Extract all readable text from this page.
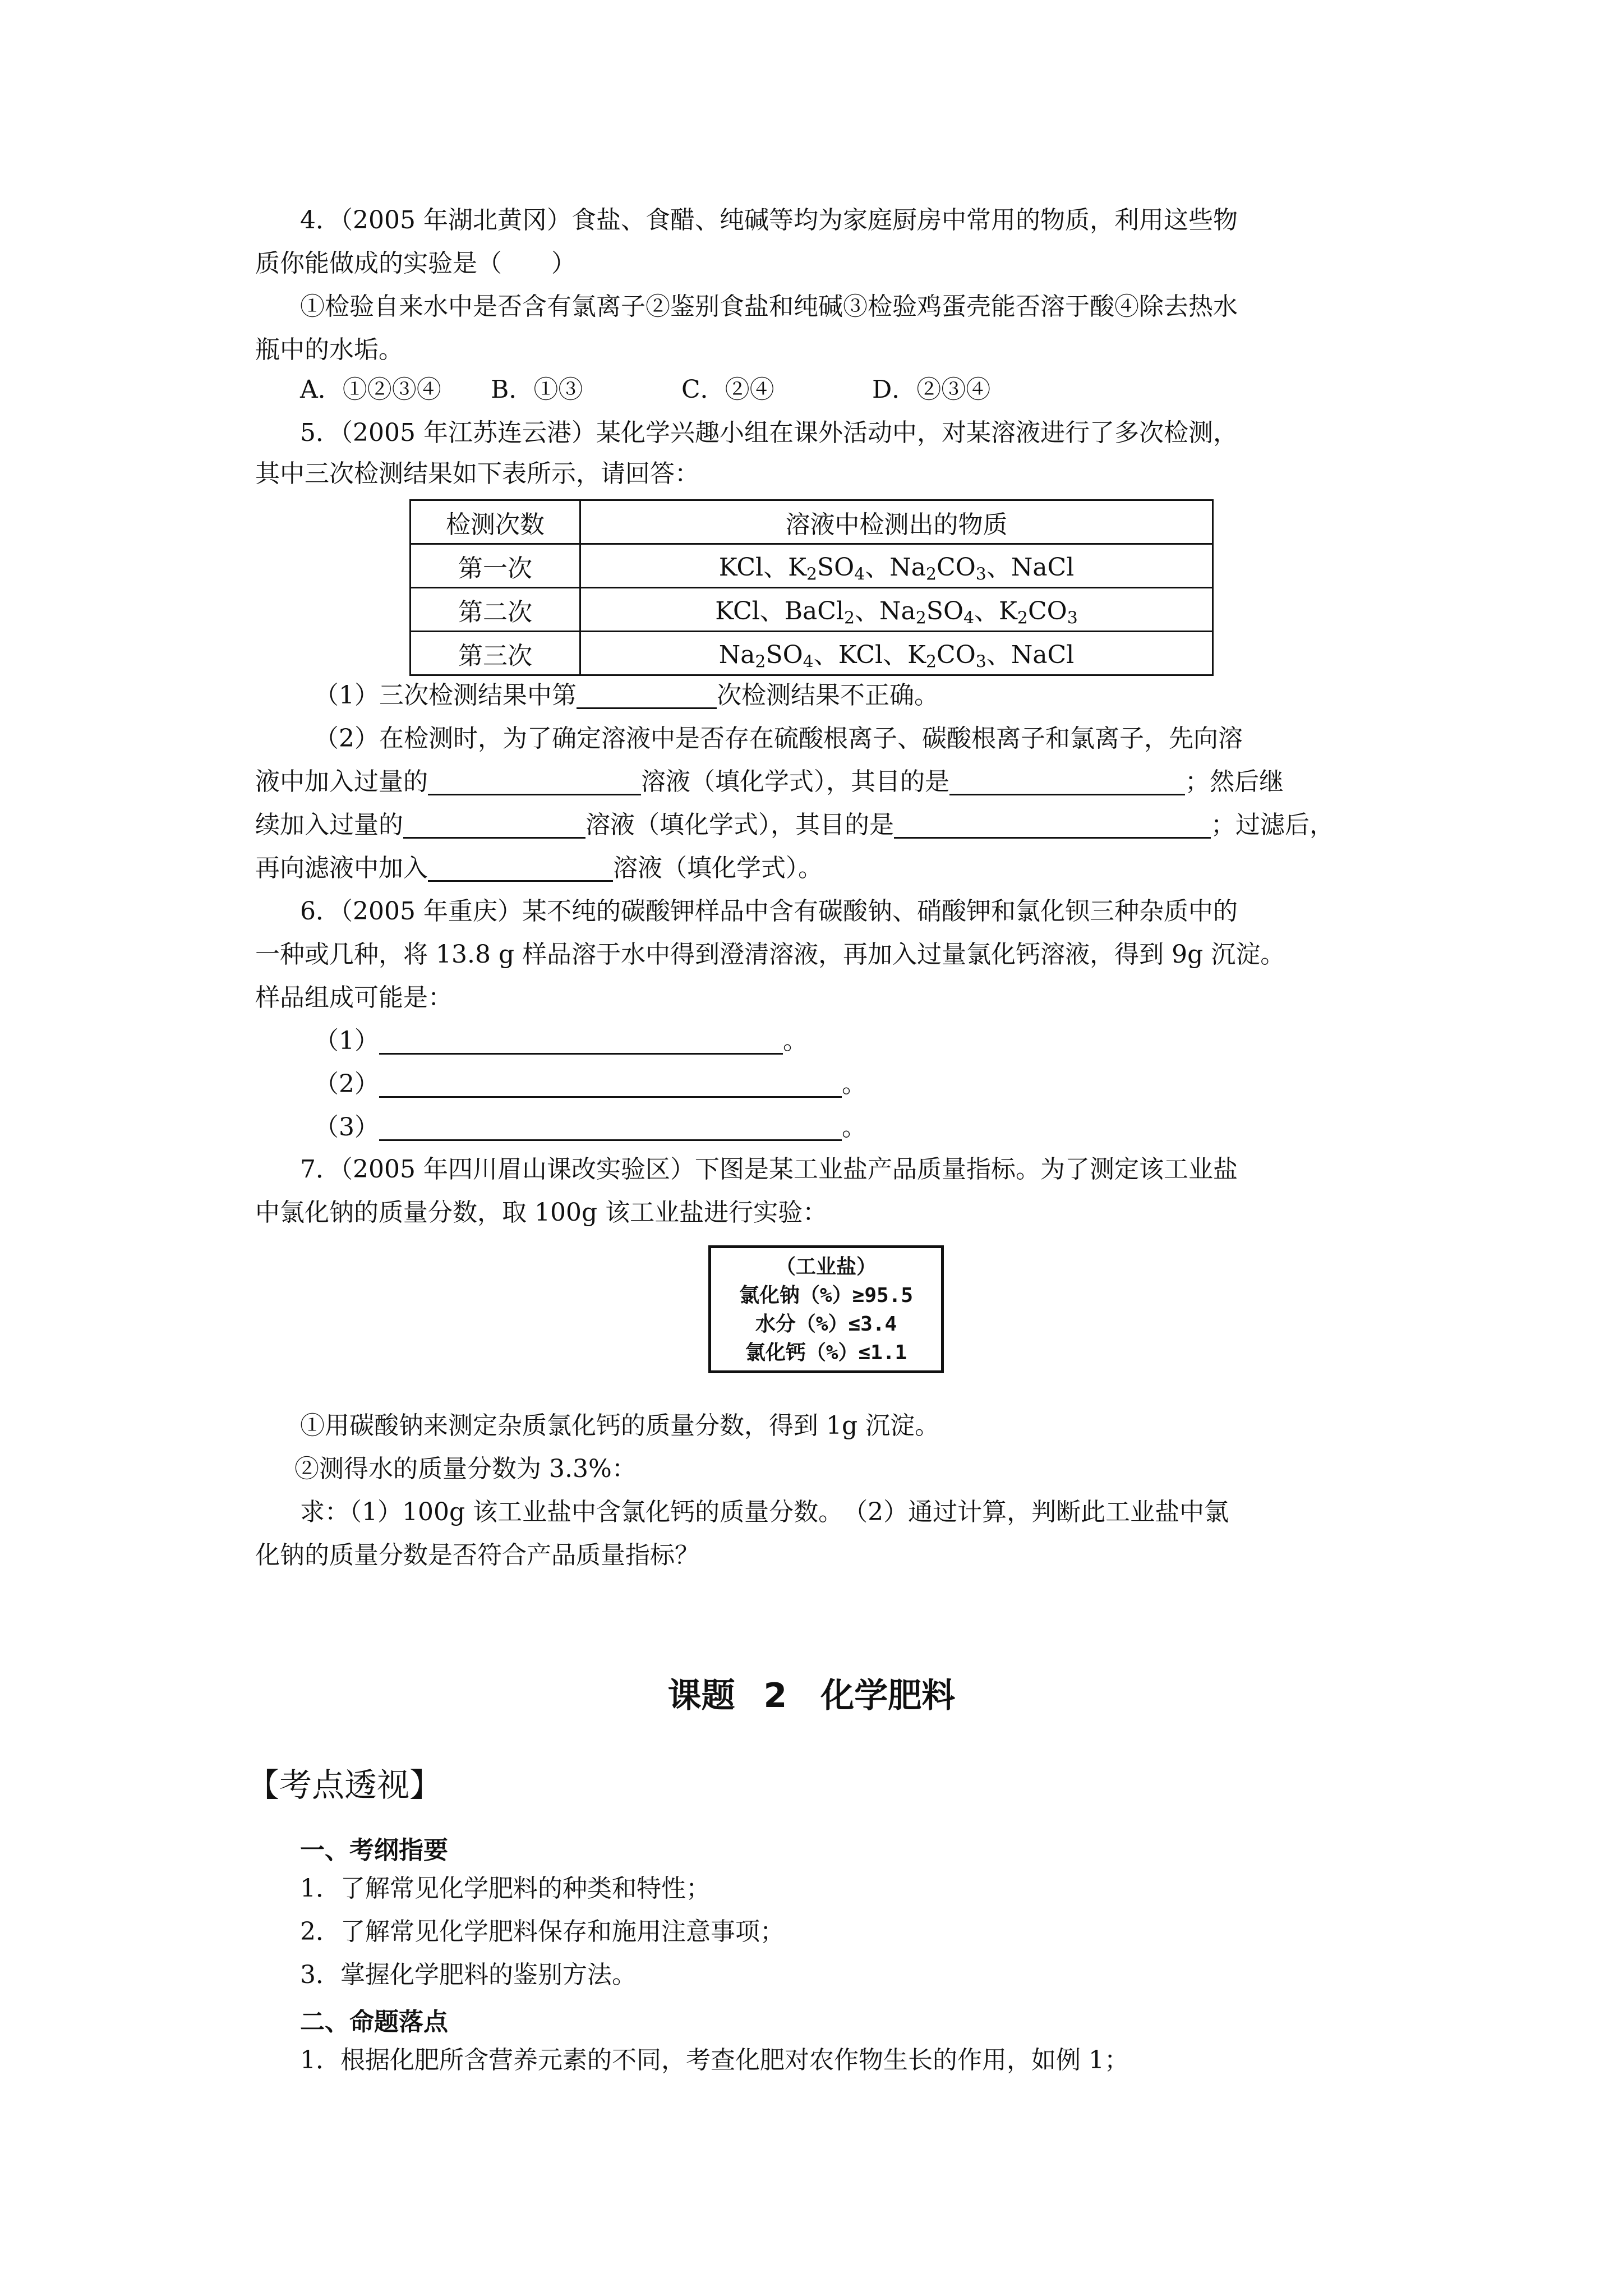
4．（2005 年湖北黄冈）食盐、食醋、纯碱等均为家庭厨房中常用的物质，利用这些物
质你能做成的实验是（　　）
①检验自来水中是否含有氯离子②鉴别食盐和纯碱③检验鸡蛋壳能否溶于酸④除去热水
瓶中的水垢。
A．①②③④ B．①③	C．②④	D．②③④
5．（2005 年江苏连云港）某化学兴趣小组在课外活动中，对某溶液进行了多次检测，
其中三次检测结果如下表所示，请回答：
检测次数	溶液中检测出的物质
第一次	KCl、$K_2SO_4$、$Na_2CO_3$、NaCl
第二次	KCl、BaCl$_2$、$Na_2SO_4$、$K_2CO_3$
第三次	$Na_2SO_4$、KCl、$K_2CO_3$、NaCl
（1）三次检测结果中第	次检测结果不正确。
（2）在检测时，为了确定溶液中是否存在硫酸根离子、碳酸根离子和氯离子，先向溶
液中加入过量的	溶液（填化学式），其目的是	；然后继
续加入过量的	溶液（填化学式），其目的是	；过滤后，
再向滤液中加入	溶液（填化学式）。
6．（2005 年重庆）某不纯的碳酸钾样品中含有碳酸钠、硝酸钾和氯化钡三种杂质中的
一种或几种，将 13.8 g 样品溶于水中得到澄清溶液，再加入过量氯化钙溶液，得到 9g 沉淀。
样品组成可能是：
（1）	。
（2）	。
（3）	。
7．（2005 年四川眉山课改实验区）下图是某工业盐产品质量指标。为了测定该工业盐
中氯化钠的质量分数，取 100g 该工业盐进行实验：
（工业盐）
氯化钠（%）≥95.5
水分（%）≤3.4
氯化钙（%）≤1.1
①用碳酸钠来测定杂质氯化钙的质量分数，得到 1g 沉淀。
②测得水的质量分数为 3.3%：
求：（1）100g 该工业盐中含氯化钙的质量分数。　（2）通过计算，判断此工业盐中氯
化钠的质量分数是否符合产品质量指标？
课题 2　化学肥料
【考点透视】
一、考纲指要
1．了解常见化学肥料的种类和特性；
2．了解常见化学肥料保存和施用注意事项；
3．掌握化学肥料的鉴别方法。
二、命题落点
1．根据化肥所含营养元素的不同，考查化肥对农作物生长的作用，如例 1；
